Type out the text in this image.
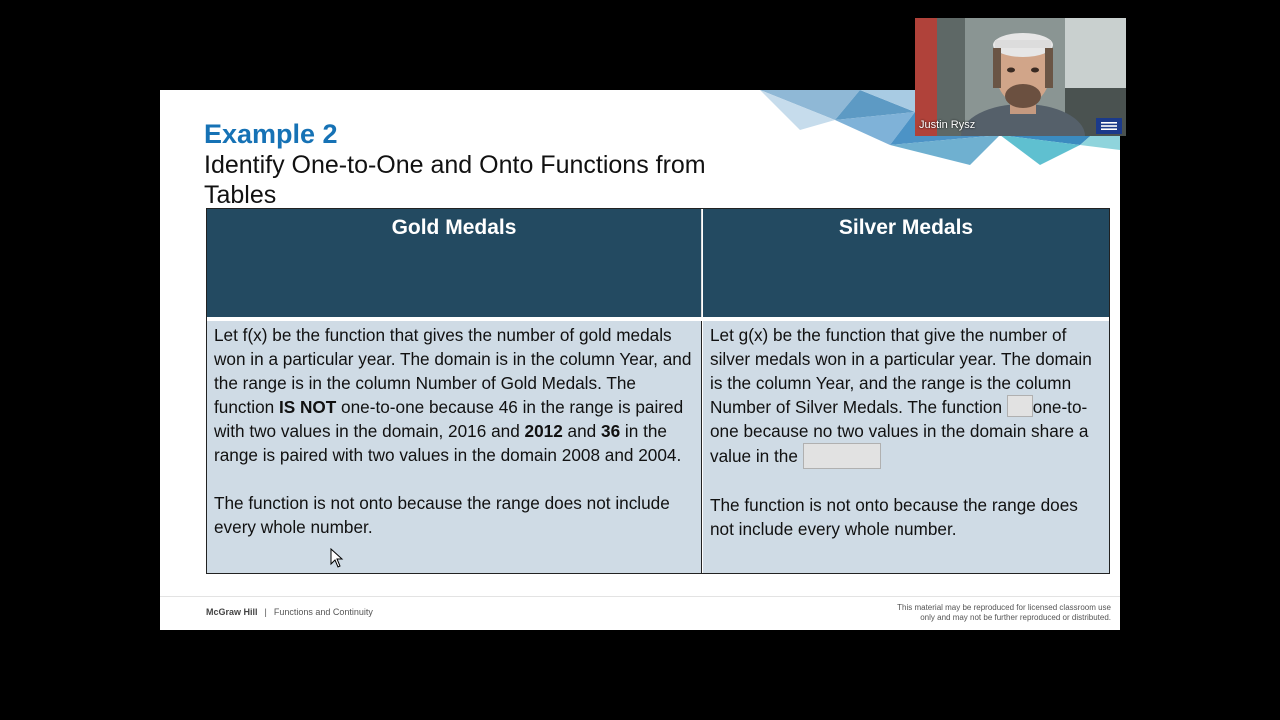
Example 2
Identify One-to-One and Onto Functions from Tables
Gold Medals	Silver Medals

Let f(x) be the function that gives the number of gold medals won in a particular year. The domain is in the column Year, and the range is in the column Number of Gold Medals. The function IS NOT one-to-one because 46 in the range is paired with two values in the domain, 2016 and 2012 and 36 in the range is paired with two values in the domain 2008 and 2004.

The function is not onto because the range does not include every whole number.

Let g(x) be the function that give the number of silver medals won in a particular year. The domain is the column Year, and the range is the column Number of Silver Medals. The function one-to-one because no two values in the domain share a value in the

The function is not onto because the range does not include every whole number.

McGraw Hill | Functions and Continuity	This material may be reproduced for licensed classroom use
only and may not be further reproduced or distributed.
Justin Rysz
